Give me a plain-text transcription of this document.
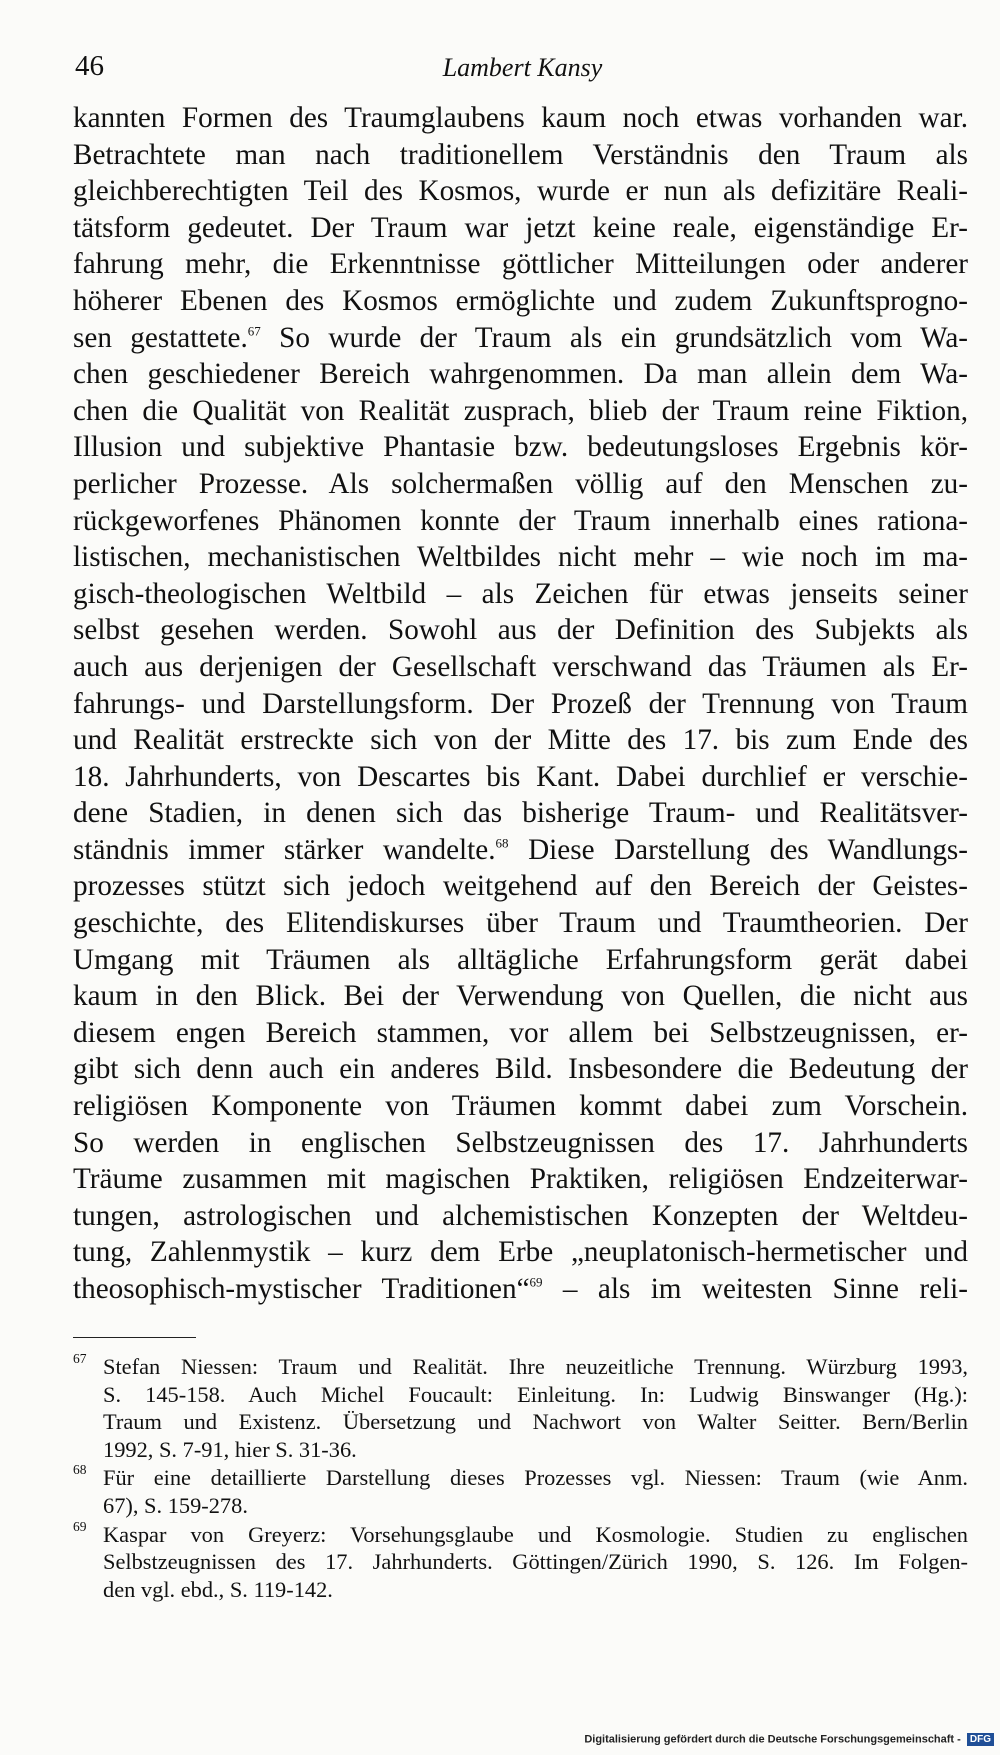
46	Lambert Kansy
kannten Formen des Traumglaubens kaum noch etwas vorhanden war.
Betrachtete man nach traditionellem Verständnis den Traum als
gleichberechtigten Teil des Kosmos, wurde er nun als defizitäre Reali-
tätsform gedeutet. Der Traum war jetzt keine reale, eigenständige Er-
fahrung mehr, die Erkenntnisse göttlicher Mitteilungen oder anderer
höherer Ebenen des Kosmos ermöglichte und zudem Zukunftsprogno-
sen gestattete.$^{67}$ So wurde der Traum als ein grundsätzlich vom Wa-
chen geschiedener Bereich wahrgenommen. Da man allein dem Wa-
chen die Qualität von Realität zusprach, blieb der Traum reine Fiktion,
Illusion und subjektive Phantasie bzw. bedeutungsloses Ergebnis kör-
perlicher Prozesse. Als solchermaßen völlig auf den Menschen zu-
rückgeworfenes Phänomen konnte der Traum innerhalb eines rationa-
listischen, mechanistischen Weltbildes nicht mehr – wie noch im ma-
gisch-theologischen Weltbild – als Zeichen für etwas jenseits seiner
selbst gesehen werden. Sowohl aus der Definition des Subjekts als
auch aus derjenigen der Gesellschaft verschwand das Träumen als Er-
fahrungs- und Darstellungsform. Der Prozeß der Trennung von Traum
und Realität erstreckte sich von der Mitte des 17. bis zum Ende des
18. Jahrhunderts, von Descartes bis Kant. Dabei durchlief er verschie-
dene Stadien, in denen sich das bisherige Traum- und Realitätsver-
ständnis immer stärker wandelte.$^{68}$ Diese Darstellung des Wandlungs-
prozesses stützt sich jedoch weitgehend auf den Bereich der Geistes-
geschichte, des Elitendiskurses über Traum und Traumtheorien. Der
Umgang mit Träumen als alltägliche Erfahrungsform gerät dabei
kaum in den Blick. Bei der Verwendung von Quellen, die nicht aus
diesem engen Bereich stammen, vor allem bei Selbstzeugnissen, er-
gibt sich denn auch ein anderes Bild. Insbesondere die Bedeutung der
religiösen Komponente von Träumen kommt dabei zum Vorschein.
So werden in englischen Selbstzeugnissen des 17. Jahrhunderts
Träume zusammen mit magischen Praktiken, religiösen Endzeiterwar-
tungen, astrologischen und alchemistischen Konzepten der Weltdeu-
tung, Zahlenmystik – kurz dem Erbe „neuplatonisch-hermetischer und
theosophisch-mystischer Traditionen“$^{69}$ – als im weitesten Sinne reli-
67 Stefan Niessen: Traum und Realität. Ihre neuzeitliche Trennung. Würzburg 1993,
S. 145-158. Auch Michel Foucault: Einleitung. In: Ludwig Binswanger (Hg.):
Traum und Existenz. Übersetzung und Nachwort von Walter Seitter. Bern/Berlin
1992, S. 7-91, hier S. 31-36.
68 Für eine detaillierte Darstellung dieses Prozesses vgl. Niessen: Traum (wie Anm.
67), S. 159-278.
69 Kaspar von Greyerz: Vorsehungsglaube und Kosmologie. Studien zu englischen
Selbstzeugnissen des 17. Jahrhunderts. Göttingen/Zürich 1990, S. 126. Im Folgen-
den vgl. ebd., S. 119-142.
Digitalisierung gefördert durch die Deutsche Forschungsgemeinschaft - DFG
